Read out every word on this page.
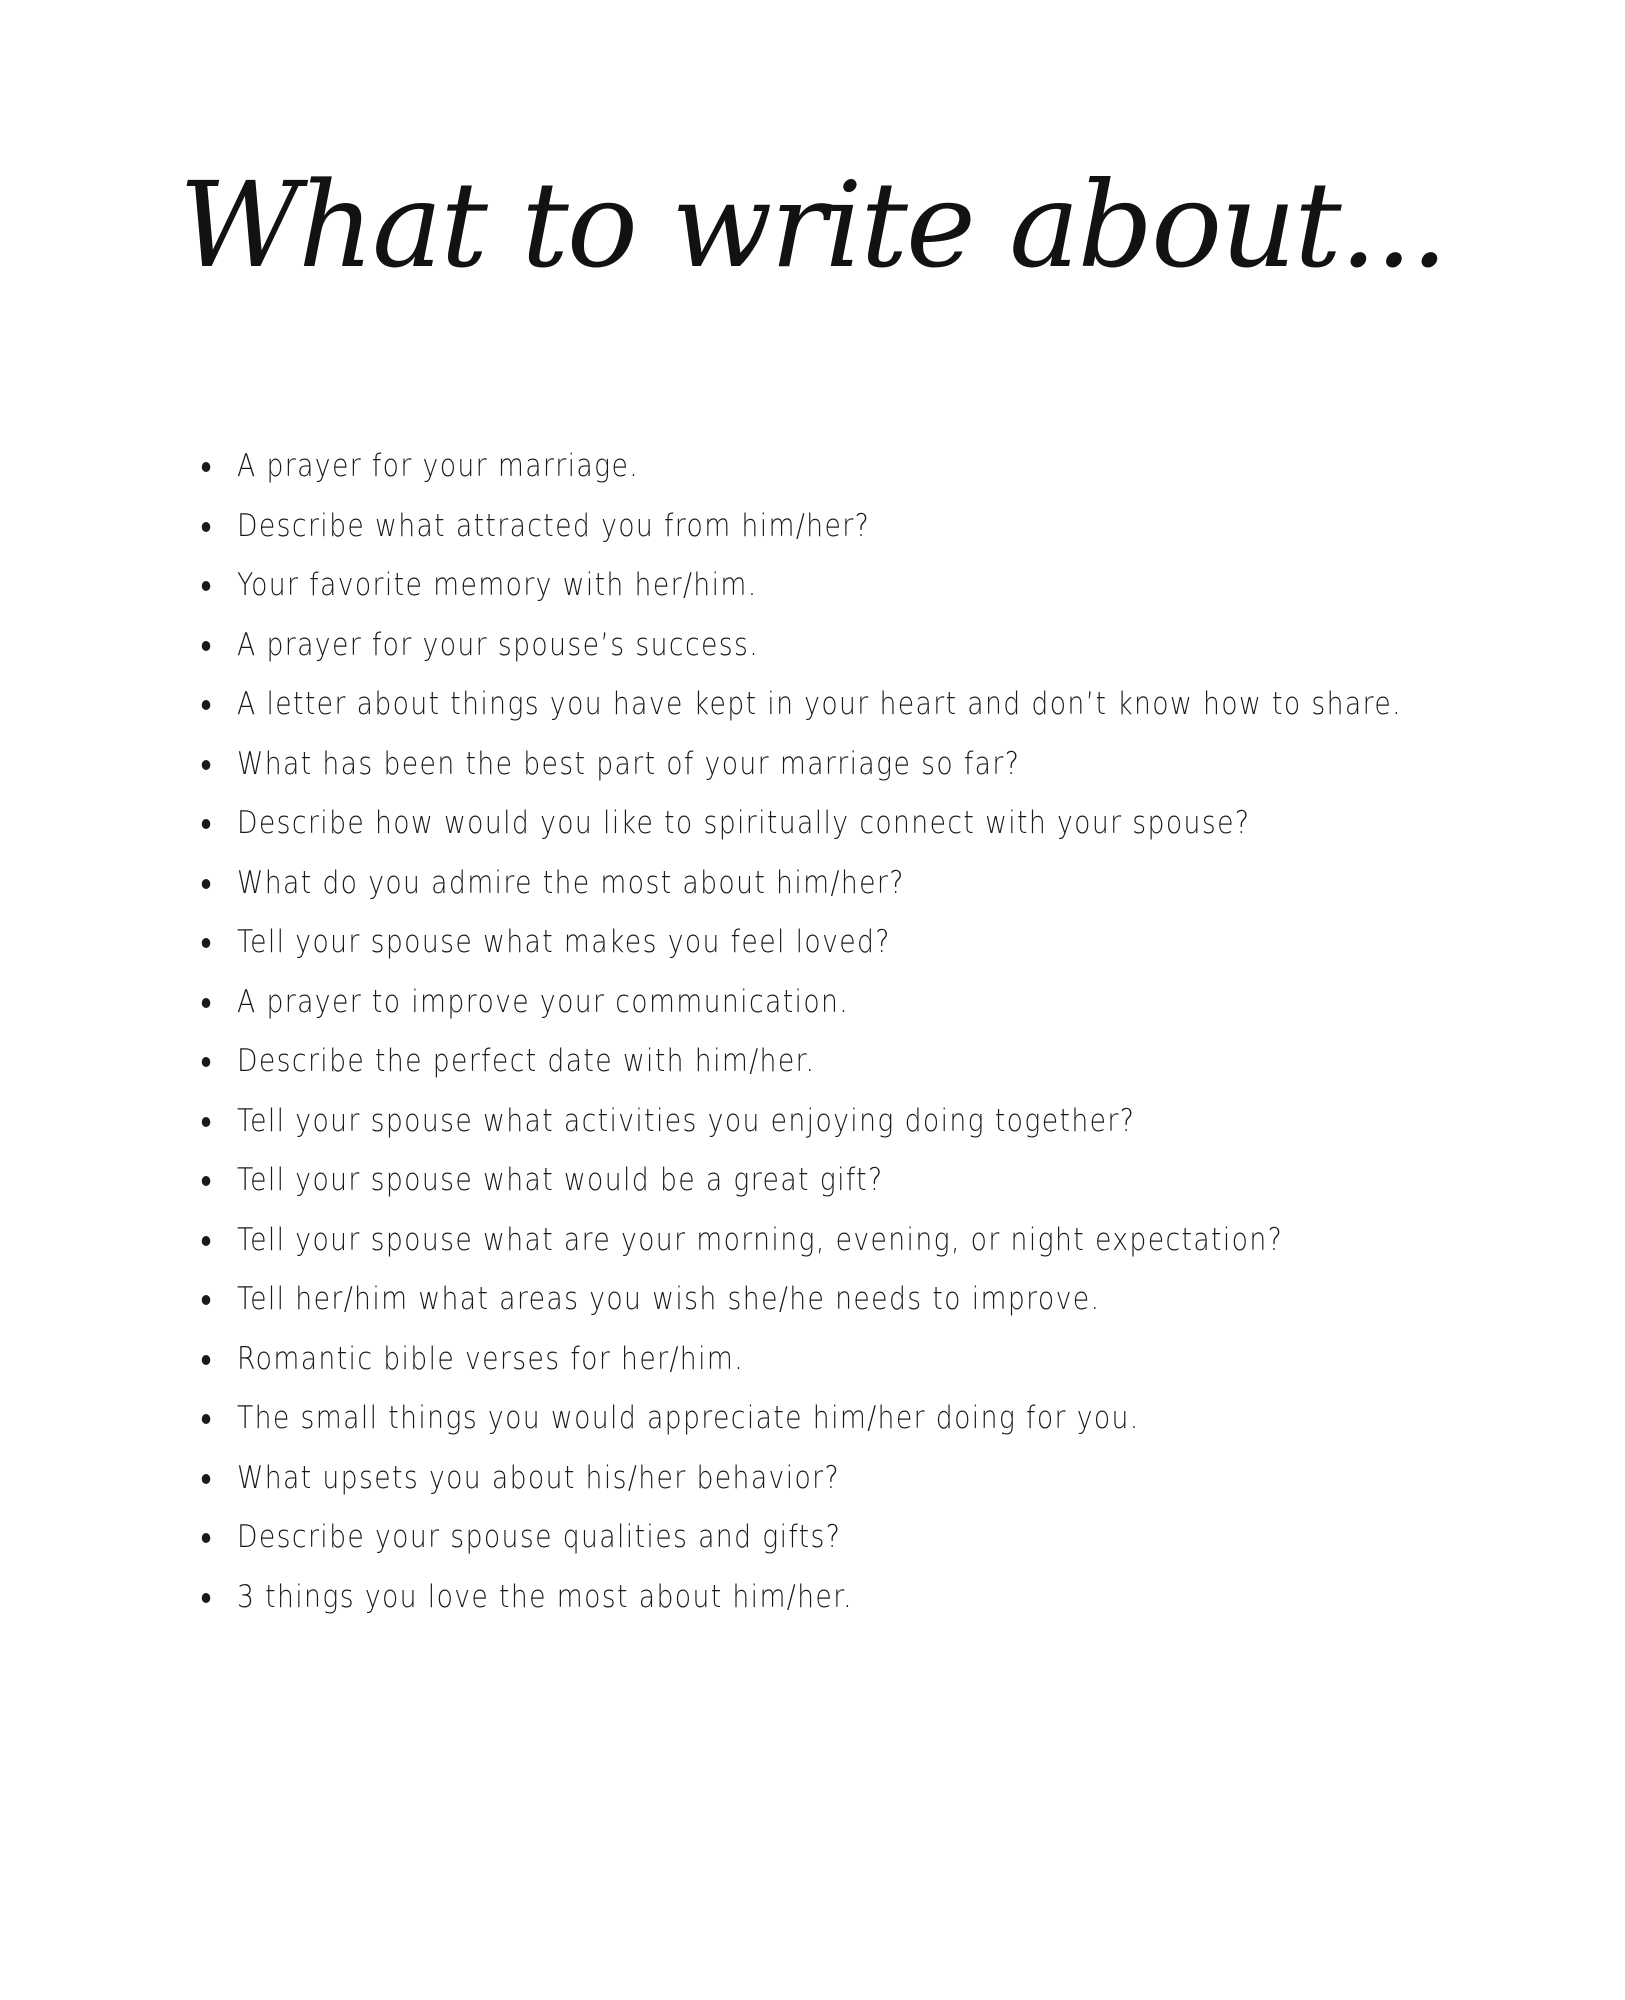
What to write about...
A prayer for your marriage.
Describe what attracted you from him/her?
Your favorite memory with her/him.
A prayer for your spouse’s success.
A letter about things you have kept in your heart and don’t know how to share.
What has been the best part of your marriage so far?
Describe how would you like to spiritually connect with your spouse?
What do you admire the most about him/her?
Tell your spouse what makes you feel loved?
A prayer to improve your communication.
Describe the perfect date with him/her.
Tell your spouse what activities you enjoying doing together?
Tell your spouse what would be a great gift?
Tell your spouse what are your morning, evening, or night expectation?
Tell her/him what areas you wish she/he needs to improve.
Romantic bible verses for her/him.
The small things you would appreciate him/her doing for you.
What upsets you about his/her behavior?
Describe your spouse qualities and gifts?
3 things you love the most about him/her.
